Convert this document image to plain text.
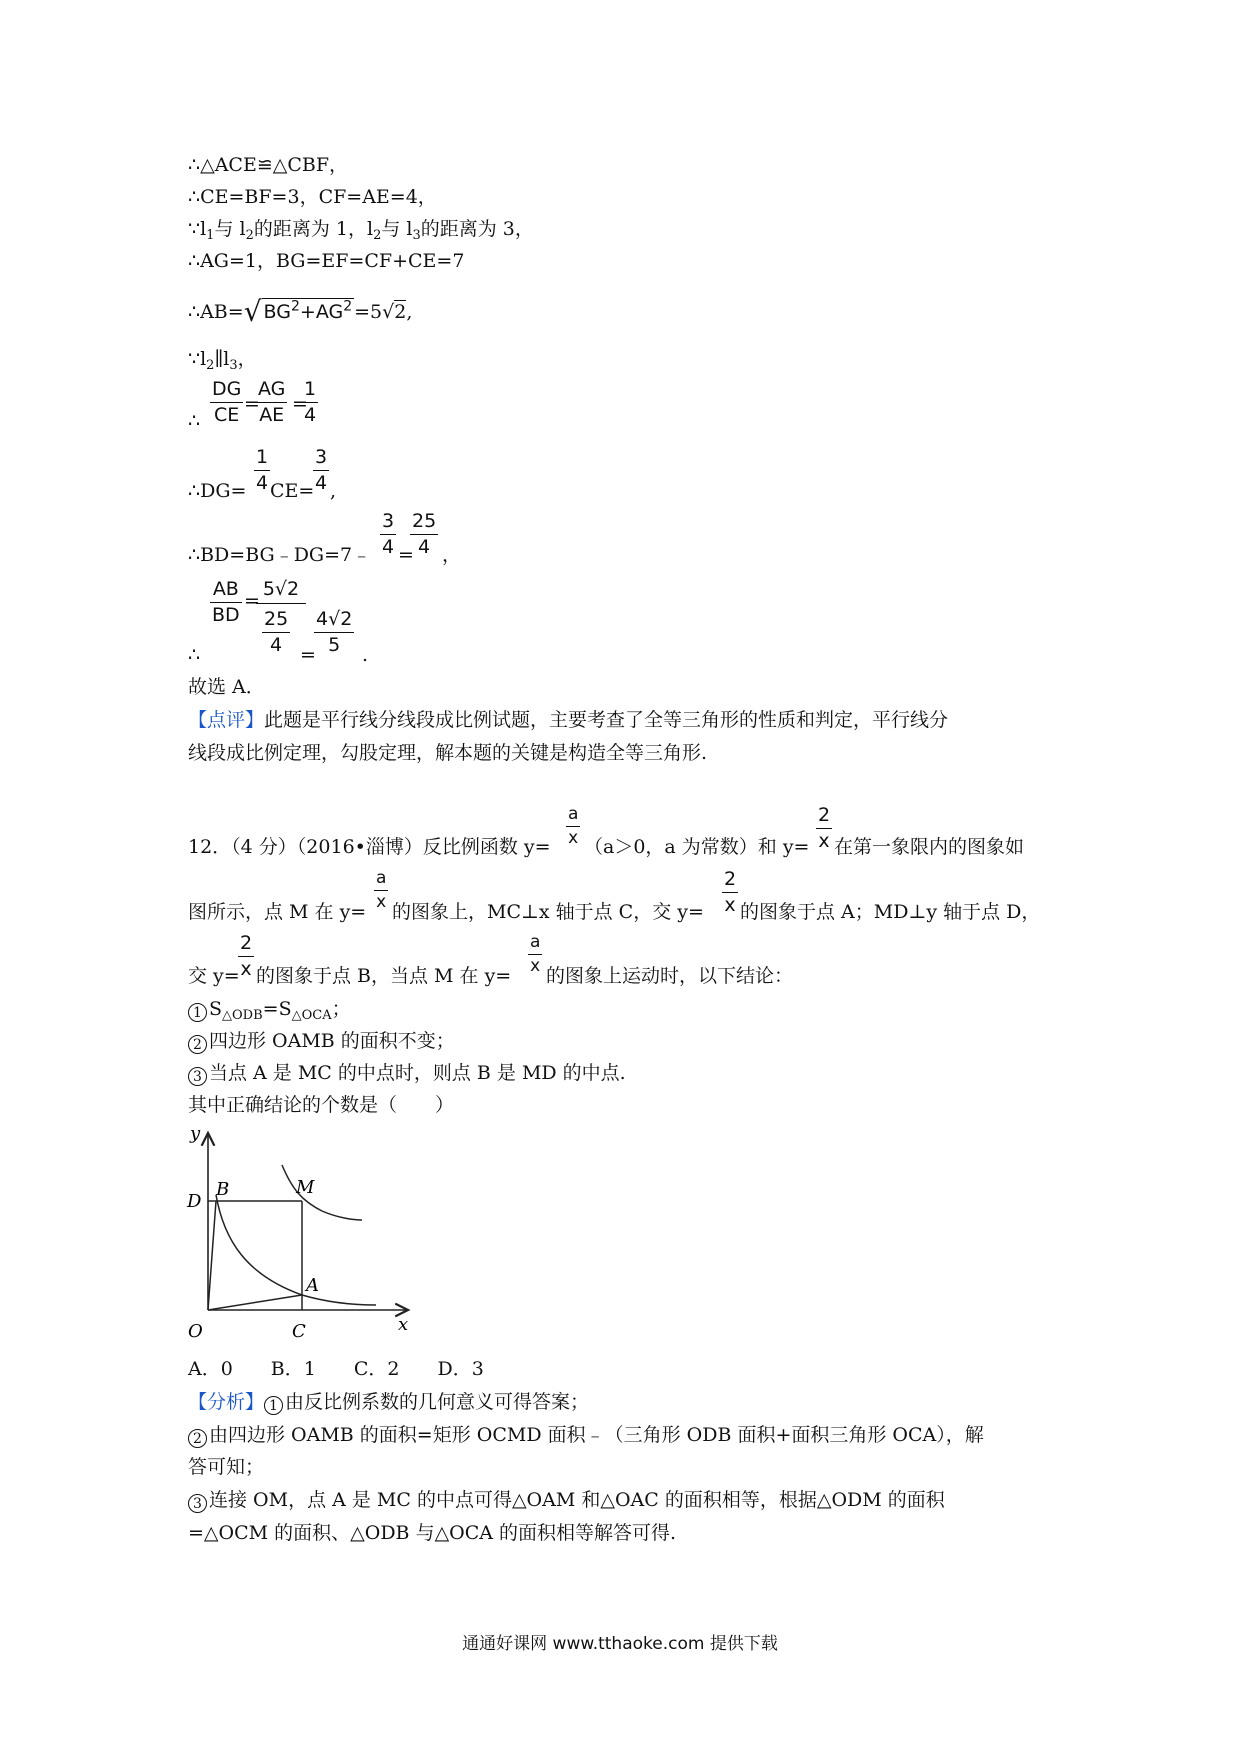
∴△ACE≌△CBF，
∴CE=BF=3，CF=AE=4，
$\because l_1$与 $l_2$的距离为 1，$l_2$与 $l_3$的距离为 3，
∴AG=1，BG=EF=CF+CE=7
∴AB=√ $BG^2+AG^2 =5√2$,
$\because l_2\parallel l_3$，
∴
DG
CE =
AG
AE =
1
4
∴DG=
1
4 CE=
3
4 ,
∴BD=BG﹣DG=7﹣
3
4 =
25
4 ，
∴
AB
BD
=
5√2
25
4 =
4√2
5	.
故选 A．
【点评】此题是平行线分线段成比例试题，主要考查了全等三角形的性质和判定，平行线分
线段成比例定理，勾股定理，解本题的关键是构造全等三角形.
12．（4 分）（2016•淄博）反比例函数 y=
a
x （a＞0，a 为常数）和 y=
2
x 在第一象限内的图象如
图所示，点 M 在 y=
a
x 的图象上，MC⊥x 轴于点 C，交 y=
2
x 的图象于点 A；MD⊥y 轴于点 D，
交 y=
2
x 的图象于点 B，当点 M 在 y=
a
x 的图象上运动时，以下结论：
1 $S_{\triangle ODB}=S_{\triangle OCA}$；
2 四边形 OAMB 的面积不变；
3 当点 A 是 MC 的中点时，则点 B 是 MD 的中点.
其中正确结论的个数是（　　）
y
x
O	C
D
B	M
A
A．0　　B．1　　C．2　　D．3
【分析】 1 由反比例系数的几何意义可得答案；
2 由四边形 OAMB 的面积=矩形 OCMD 面积﹣（三角形 ODB 面积+面积三角形 OCA），解
答可知；
3 连接 OM，点 A 是 MC 的中点可得△OAM 和△OAC 的面积相等，根据△ODM 的面积
=△OCM 的面积、△ODB 与△OCA 的面积相等解答可得.
通通好课网 www.tthaoke.com 提供下载
